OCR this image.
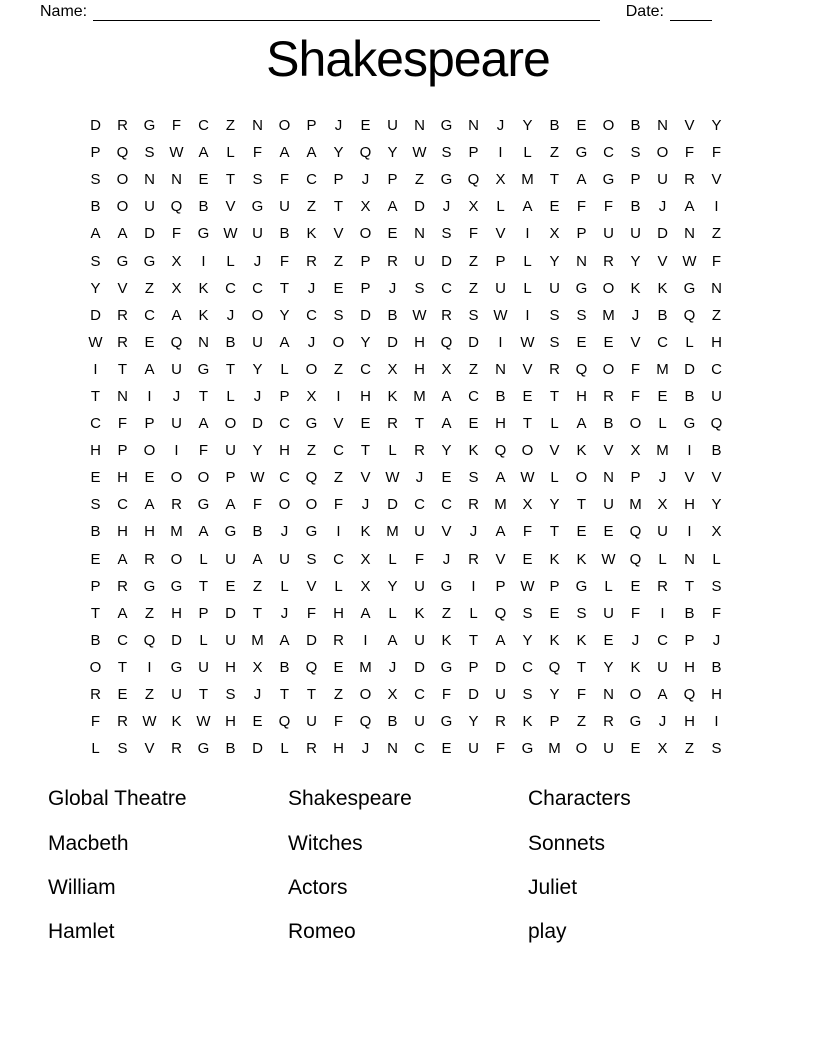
Name:	Date:
Shakespeare
D	R	G	F	C	Z	N	O	P	J	E	U	N	G	N	J	Y	B	E	O	B	N	V	Y
P	Q	S W A	L	F	A	A	Y	Q	Y W S	P	I	L	Z	G	C	S	O	F	F
S	O	N	N	E	T	S	F	C	P	J	P	Z	G	Q	X	M	T	A	G	P	U	R	V
B	O	U	Q	B	V	G	U	Z	T	X	A	D	J	X	L	A	E	F	F	B	J	A	I
A	A	D	F	G W U	B	K	V	O	E	N	S	F	V	I	X	P	U	U	D	N	Z
S	G	G	X	I	L	J	F	R	Z	P	R	U	D	Z	P	L	Y	N	R	Y	V W	F
Y	V	Z	X	K	C	C	T	J	E	P	J	S	C	Z	U	L	U	G	O	K	K	G	N
D	R	C	A	K	J	O	Y	C	S	D	B W R	S W	I	S	S	M	J	B	Q	Z
W R	E	Q	N	B	U	A	J	O	Y	D	H	Q	D	I	W S	E	E	V	C	L	H
I	T	A	U	G	T	Y	L	O	Z	C	X	H	X	Z	N	V	R	Q	O	F	M	D	C
T	N	I	J	T	L	J	P	X	I	H	K	M	A	C	B	E	T	H	R	F	E	B	U
C	F	P	U	A	O	D	C	G	V	E	R	T	A	E	H	T	L	A	B	O	L	G	Q
H	P	O	I	F	U	Y	H	Z	C	T	L	R	Y	K	Q	O	V	K	V	X	M	I	B
E	H	E	O	O	P W C	Q	Z	V W	J	E	S	A W	L	O	N	P	J	V	V
S	C	A	R	G	A	F	O	O	F	J	D	C	C	R	M	X	Y	T	U	M	X	H	Y
B	H	H	M	A	G	B	J	G	I	K	M	U	V	J	A	F	T	E	E	Q	U	I	X
E	A	R	O	L	U	A	U	S	C	X	L	F	J	R	V	E	K	K W Q	L	N	L
P	R	G	G	T	E	Z	L	V	L	X	Y	U	G	I	P W P	G	L	E	R	T	S
T	A	Z	H	P	D	T	J	F	H	A	L	K	Z	L	Q	S	E	S	U	F	I	B	F
B	C	Q	D	L	U	M	A	D	R	I	A	U	K	T	A	Y	K	K	E	J	C	P	J
O	T	I	G	U	H	X	B	Q	E	M	J	D	G	P	D	C	Q	T	Y	K	U	H	B
R	E	Z	U	T	S	J	T	T	Z	O	X	C	F	D	U	S	Y	F	N	O	A	Q	H
F	R W K W H	E	Q	U	F	Q	B	U	G	Y	R	K	P	Z	R	G	J	H	I
L	S	V	R	G	B	D	L	R	H	J	N	C	E	U	F	G M O	U	E	X	Z	S
Global Theatre	Shakespeare	Characters
Macbeth	Witches	Sonnets
William	Actors	Juliet
Hamlet	Romeo	play
